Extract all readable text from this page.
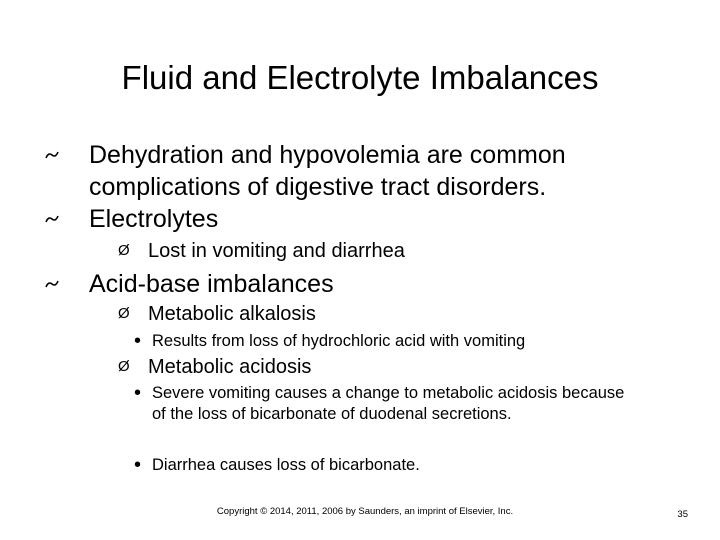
Fluid and Electrolyte Imbalances
Dehydration and hypovolemia are common complications of digestive tract disorders.
Electrolytes
Ø Lost in vomiting and diarrhea
Acid-base imbalances
Ø Metabolic alkalosis
• Results from loss of hydrochloric acid with vomiting
Ø Metabolic acidosis
• Severe vomiting causes a change to metabolic acidosis because of the loss of bicarbonate of duodenal secretions.
• Diarrhea causes loss of bicarbonate.
Copyright © 2014, 2011, 2006 by Saunders, an imprint of Elsevier, Inc.	35
